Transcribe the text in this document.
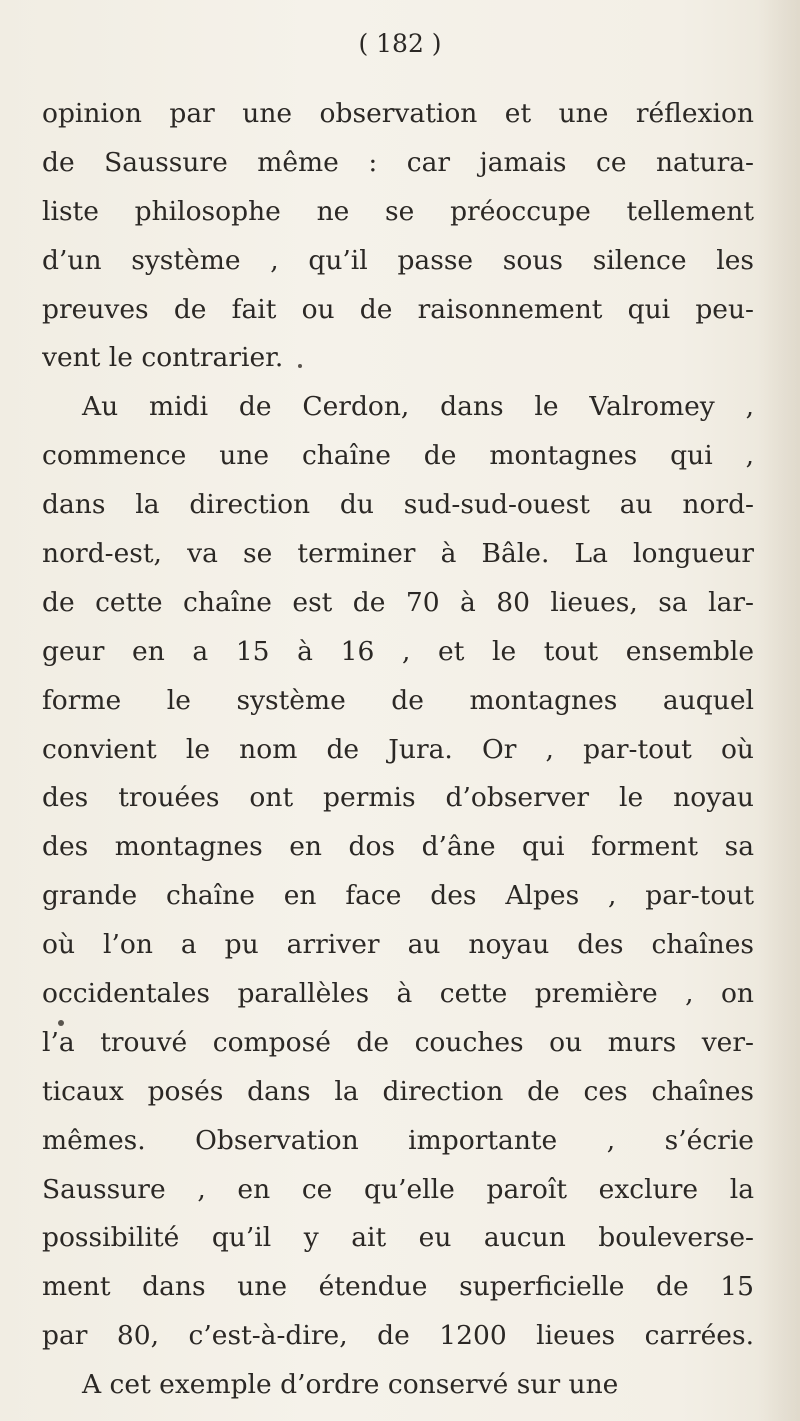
( 182 )
opinion par une observation et une réflexion
de Saussure même : car jamais ce natura-
liste philosophe ne se préoccupe tellement
d’un système , qu’il passe sous silence les
preuves de fait ou de raisonnement qui peu-
vent le contrarier.
Au midi de Cerdon, dans le Valromey ,
commence une chaîne de montagnes qui ,
dans la direction du sud-sud-ouest au nord-
nord-est, va se terminer à Bâle. La longueur
de cette chaîne est de 70 à 80 lieues, sa lar-
geur en a 15 à 16 , et le tout ensemble
forme le système de montagnes auquel
convient le nom de Jura. Or , par-tout où
des trouées ont permis d’observer le noyau
des montagnes en dos d’âne qui forment sa
grande chaîne en face des Alpes , par-tout
où l’on a pu arriver au noyau des chaînes
occidentales parallèles à cette première , on
l’a trouvé composé de couches ou murs ver-
ticaux posés dans la direction de ces chaînes
mêmes. Observation importante , s’écrie
Saussure , en ce qu’elle paroît exclure la
possibilité qu’il y ait eu aucun bouleverse-
ment dans une étendue superficielle de 15
par 80, c’est-à-dire, de 1200 lieues carrées.
A cet exemple d’ordre conservé sur une
